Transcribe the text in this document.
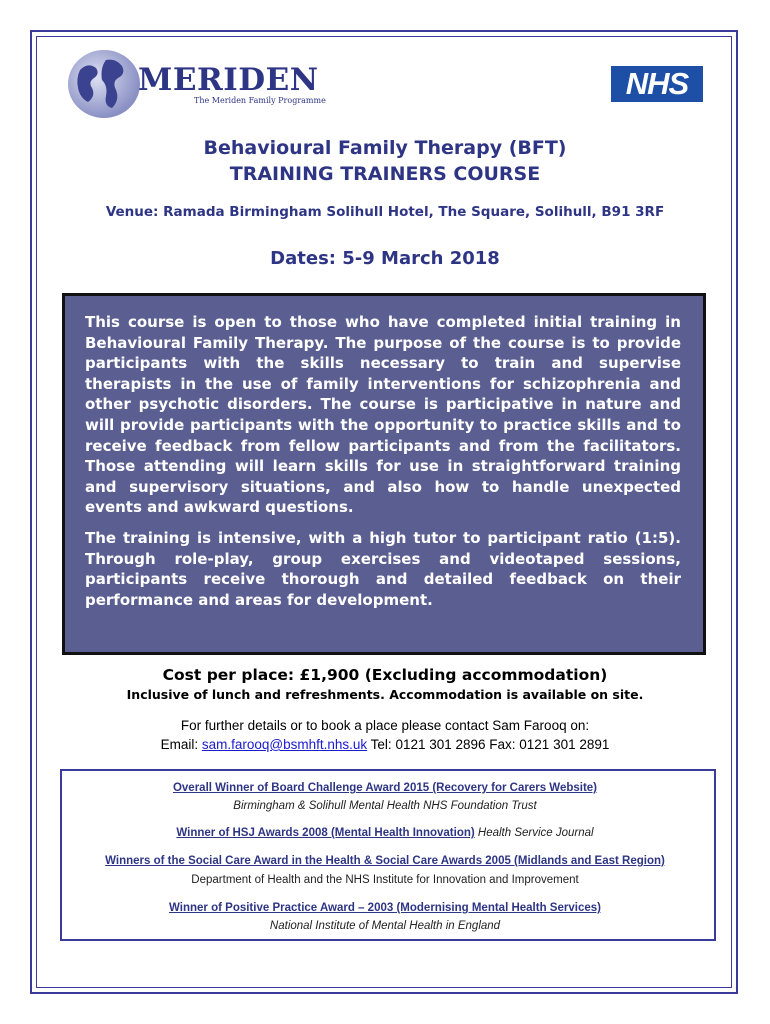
MERIDEN
The Meriden Family Programme	NHS
Behavioural Family Therapy (BFT)
TRAINING TRAINERS COURSE
Venue: Ramada Birmingham Solihull Hotel, The Square, Solihull, B91 3RF
Dates: 5-9 March 2018

This course is open to those who have completed initial training in Behavioural Family Therapy. The purpose of the course is to provide participants with the skills necessary to train and supervise therapists in the use of family interventions for schizophrenia and other psychotic disorders. The course is participative in nature and will provide participants with the opportunity to practice skills and to receive feedback from fellow participants and from the facilitators. Those attending will learn skills for use in straightforward training and supervisory situations, and also how to handle unexpected events and awkward questions.

The training is intensive, with a high tutor to participant ratio (1:5). Through role-play, group exercises and videotaped sessions, participants receive thorough and detailed feedback on their performance and areas for development.

Cost per place: £1,900 (Excluding accommodation)
Inclusive of lunch and refreshments. Accommodation is available on site.
For further details or to book a place please contact Sam Farooq on:
Email: sam.farooq@bsmhft.nhs.uk Tel: 0121 301 2896 Fax: 0121 301 2891
Overall Winner of Board Challenge Award 2015 (Recovery for Carers Website)
Birmingham & Solihull Mental Health NHS Foundation Trust
Winner of HSJ Awards 2008 (Mental Health Innovation) Health Service Journal
Winners of the Social Care Award in the Health & Social Care Awards 2005 (Midlands and East Region)
Department of Health and the NHS Institute for Innovation and Improvement
Winner of Positive Practice Award – 2003 (Modernising Mental Health Services)
National Institute of Mental Health in England
